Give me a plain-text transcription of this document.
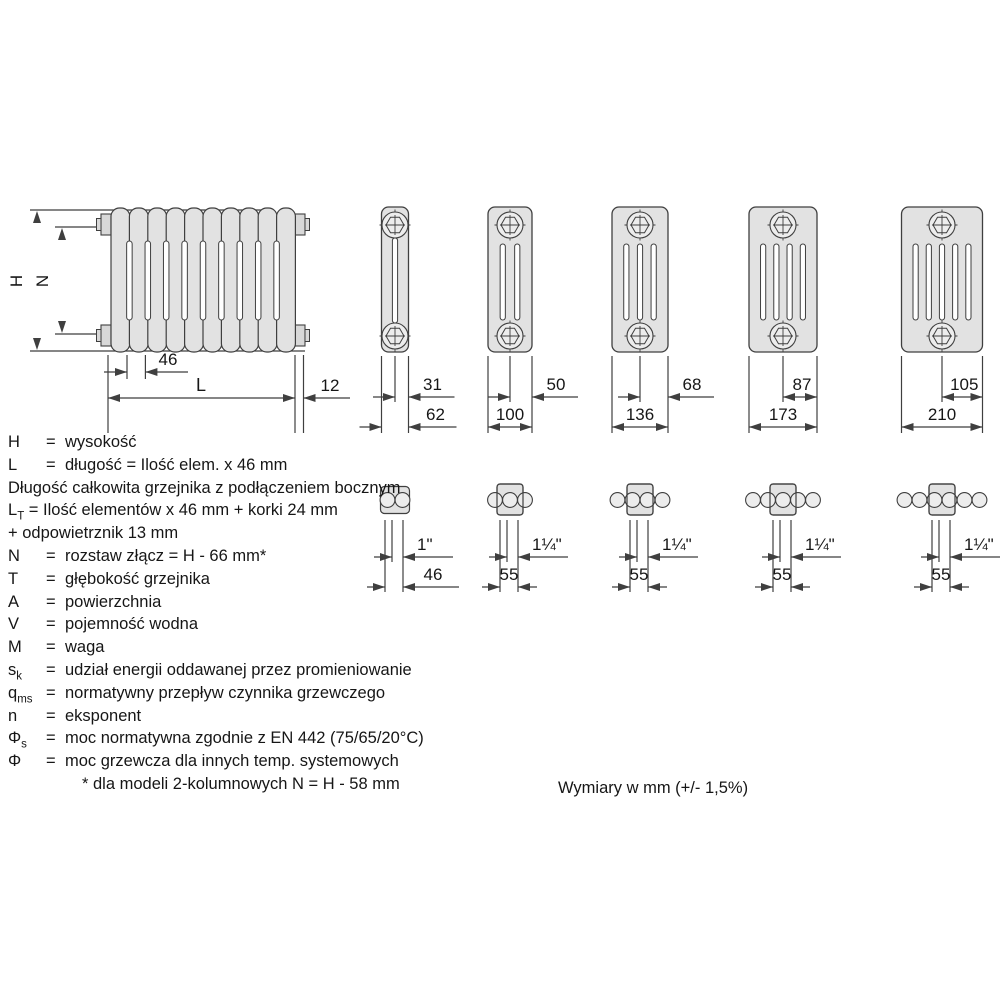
H N
46
L	12	31
62
50
100
68
136
87
173
105
210
1"
46
1¼"
55
1¼"
55
1¼"
55
1¼"
55
H	= wysokość
L	= długość = Ilość elem. x 46 mm
Długość całkowita grzejnika z podłączeniem bocznym
$L_T$ = Ilość elementów x 46 mm + korki 24 mm
+ odpowietrznik 13 mm
N	= rozstaw złącz = H - 66 mm*
T	= głębokość grzejnika
A	= powierzchnia
V	= pojemność wodna
M	= waga
$s_k$	= udział energii oddawanej przez promieniowanie
$q_{ms}$ = normatywny przepływ czynnika grzewczego
n	= eksponent
$\Phi_s$	= moc normatywna zgodnie z EN 442 (75/65/20°C)
Φ	= moc grzewcza dla innych temp. systemowych
* dla modeli 2-kolumnowych N = H - 58 mm	Wymiary w mm (+/- 1,5%)
